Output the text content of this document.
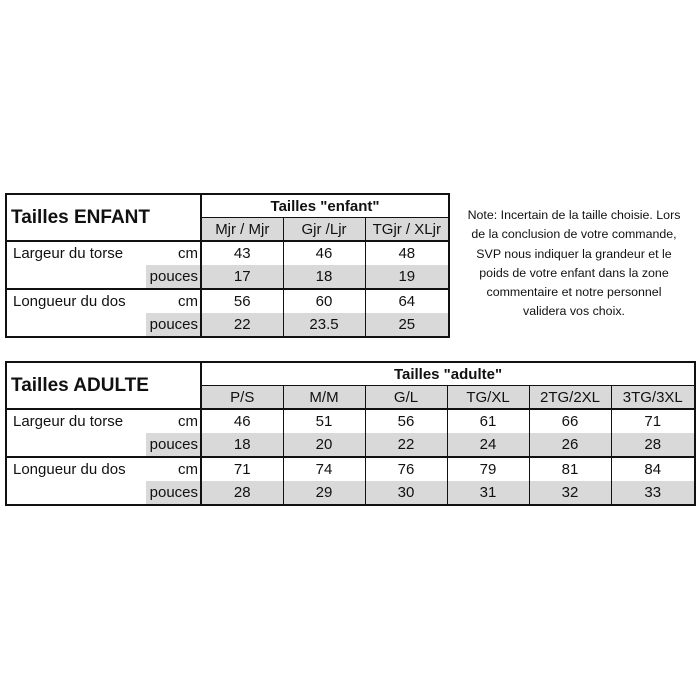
Tailles ENFANT		Tailles "enfant"		
		Mjr / Mjr	Gjr /Ljr	TGjr / XLjr
Largeur du torse	cm	43	46	48
	pouces	17	18	19
Longueur du dos	cm	56	60	64
	pouces	22	23.5	25
Note: Incertain de la taille choisie. Lors
de la conclusion de votre commande,
SVP nous indiquer la grandeur et le
poids de votre enfant dans la zone
commentaire et notre personnel
validera vos choix.
Tailles ADULTE		Tailles "adulte"					
		P/S	M/M	G/L	TG/XL	2TG/2XL	3TG/3XL
Largeur du torse	cm	46	51	56	61	66	71
	pouces	18	20	22	24	26	28
Longueur du dos	cm	71	74	76	79	81	84
	pouces	28	29	30	31	32	33
